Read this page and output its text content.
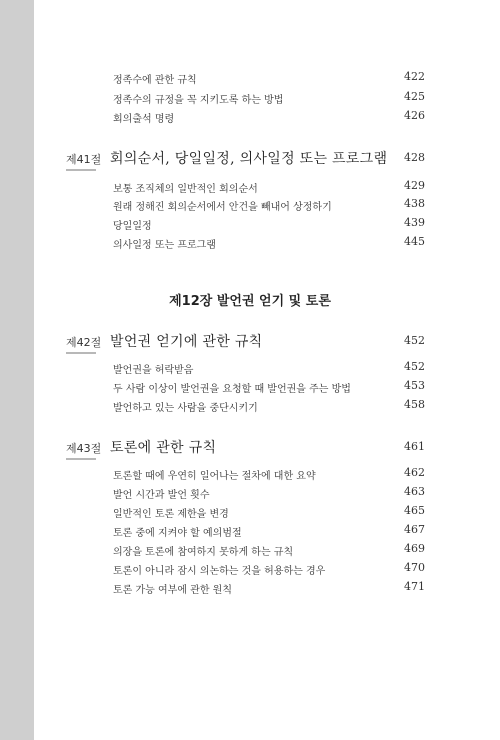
정족수에 관한 규칙	422
정족수의 규정을 꼭 지키도록 하는 방법	425
회의출석 명령	426
제41절 회의순서, 당일일정, 의사일정 또는 프로그램 428
보통 조직체의 일반적인 회의순서	429
원래 정해진 회의순서에서 안건을 빼내어 상정하기	438
당일일정	439
의사일정 또는 프로그램	445
제12장 발언권 얻기 및 토론
제42절 발언권 얻기에 관한 규칙	452
발언권을 허락받음	452
두 사람 이상이 발언권을 요청할 때 발언권을 주는 방법	453
발언하고 있는 사람을 중단시키기	458
제43절 토론에 관한 규칙	461
토론할 때에 우연히 일어나는 절차에 대한 요약	462
발언 시간과 발언 횟수	463
일반적인 토론 제한을 변경	465
토론 중에 지켜야 할 예의범절	467
의장을 토론에 참여하지 못하게 하는 규칙	469
토론이 아니라 잠시 의논하는 것을 허용하는 경우	470
토론 가능 여부에 관한 원칙	471
